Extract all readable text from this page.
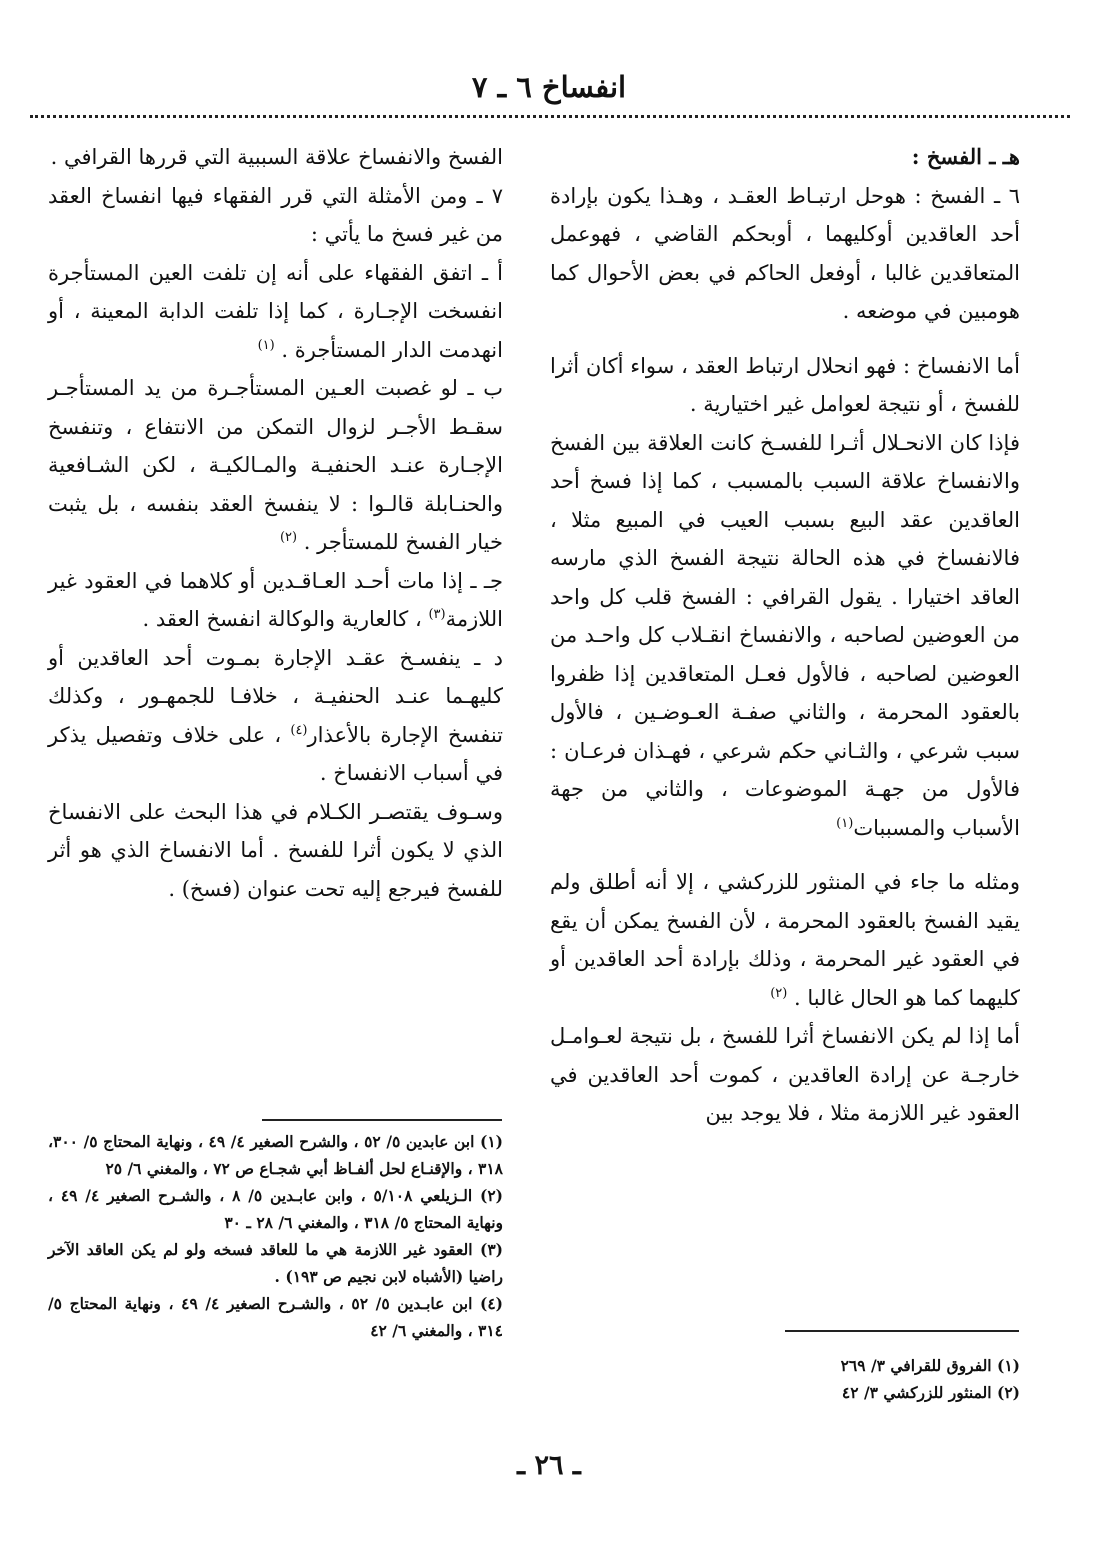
انفساخ ٦ ـ ٧

هـ ـ الفسخ :

٦ ـ الفسخ : هوحل ارتبـاط العقـد ، وهـذا يكون بإرادة أحد العاقدين أوكليهما ، أوبحكم القاضي ، فهوعمل المتعاقدين غالبا ، أوفعل الحاكم في بعض الأحوال كما هومبين في موضعه .

أما الانفساخ : فهو انحلال ارتباط العقد ، سواء أكان أثرا للفسخ ، أو نتيجة لعوامل غير اختيارية .

فإذا كان الانحـلال أثـرا للفسـخ كانت العلاقة بين الفسخ والانفساخ علاقة السبب بالمسبب ، كما إذا فسخ أحد العاقدين عقد البيع بسبب العيب في المبيع مثلا ، فالانفساخ في هذه الحالة نتيجة الفسخ الذي مارسه العاقد اختيارا . يقول القرافي : الفسخ قلب كل واحد من العوضين لصاحبه ، والانفساخ انقـلاب كل واحـد من العوضين لصاحبه ، فالأول فعـل المتعاقدين إذا ظفروا بالعقود المحرمة ، والثاني صفـة العـوضـين ، فالأول سبب شرعي ، والثـاني حكم شرعي ، فهـذان فرعـان : فالأول من جهـة الموضوعات ، والثاني من جهة الأسباب والمسببات$^{(١)}$

ومثله ما جاء في المنثور للزركشي ، إلا أنه أطلق ولم يقيد الفسخ بالعقود المحرمة ، لأن الفسخ يمكن أن يقع في العقود غير المحرمة ، وذلك بإرادة أحد العاقدين أو كليهما كما هو الحال غالبا . $^{(٢)}$

أما إذا لم يكن الانفساخ أثرا للفسخ ، بل نتيجة لعـوامـل خارجـة عن إرادة العاقدين ، كموت أحد العاقدين في العقود غير اللازمة مثلا ، فلا يوجد بين

الفسخ والانفساخ علاقة السببية التي قررها القرافي .

٧ ـ ومن الأمثلة التي قرر الفقهاء فيها انفساخ العقد من غير فسخ ما يأتي :

أ ـ اتفق الفقهاء على أنه إن تلفت العين المستأجرة انفسخت الإجـارة ، كما إذا تلفت الدابة المعينة ، أو انهدمت الدار المستأجرة . $^{(١)}$

ب ـ لو غصبت العـين المستأجـرة من يد المستأجـر سقـط الأجـر لزوال التمكن من الانتفاع ، وتنفسخ الإجـارة عنـد الحنفيـة والمـالكيـة ، لكن الشـافعية والحنـابلة قالـوا : لا ينفسخ العقد بنفسه ، بل يثبت خيار الفسخ للمستأجر . $^{(٢)}$

جـ ـ إذا مات أحـد العـاقـدين أو كلاهما في العقود غير اللازمة$^{(٣)}$ ، كالعارية والوكالة انفسخ العقد .

د ـ ينفسـخ عقـد الإجارة بمـوت أحد العاقدين أو كليهـما عنـد الحنفيـة ، خلافـا للجمهـور ، وكذلك تنفسخ الإجارة بالأعذار$^{(٤)}$ ، على خلاف وتفصيل يذكر في أسباب الانفساخ .

وسـوف يقتصـر الكـلام في هذا البحث على الانفساخ الذي لا يكون أثرا للفسخ . أما الانفساخ الذي هو أثر للفسخ فيرجع إليه تحت عنوان (فسخ) .

(١) ابن عابدين ٥/ ٥٢ ، والشرح الصغير ٤/ ٤٩ ، ونهاية المحتاج ٥/ ٣٠٠، ٣١٨ ، والإقنـاع لحل ألفـاظ أبي شجـاع ص ٧٢ ، والمغني ٦/ ٢٥

(٢) الـزيلعي ٥/١٠٨ ، وابن عابـدين ٥/ ٨ ، والشـرح الصغير ٤/ ٤٩ ، ونهاية المحتاج ٥/ ٣١٨ ، والمغني ٦/ ٢٨ ـ ٣٠

(٣) العقود غير اللازمة هي ما للعاقد فسخه ولو لم يكن العاقد الآخر راضيا (الأشباه لابن نجيم ص ١٩٣) .

(٤) ابن عابـدين ٥/ ٥٢ ، والشـرح الصغير ٤/ ٤٩ ، ونهاية المحتاج ٥/ ٣١٤ ، والمغني ٦/ ٤٢

(١) الفروق للقرافي ٣/ ٢٦٩

(٢) المنثور للزركشي ٣/ ٤٢

ـ ٢٦ ـ
